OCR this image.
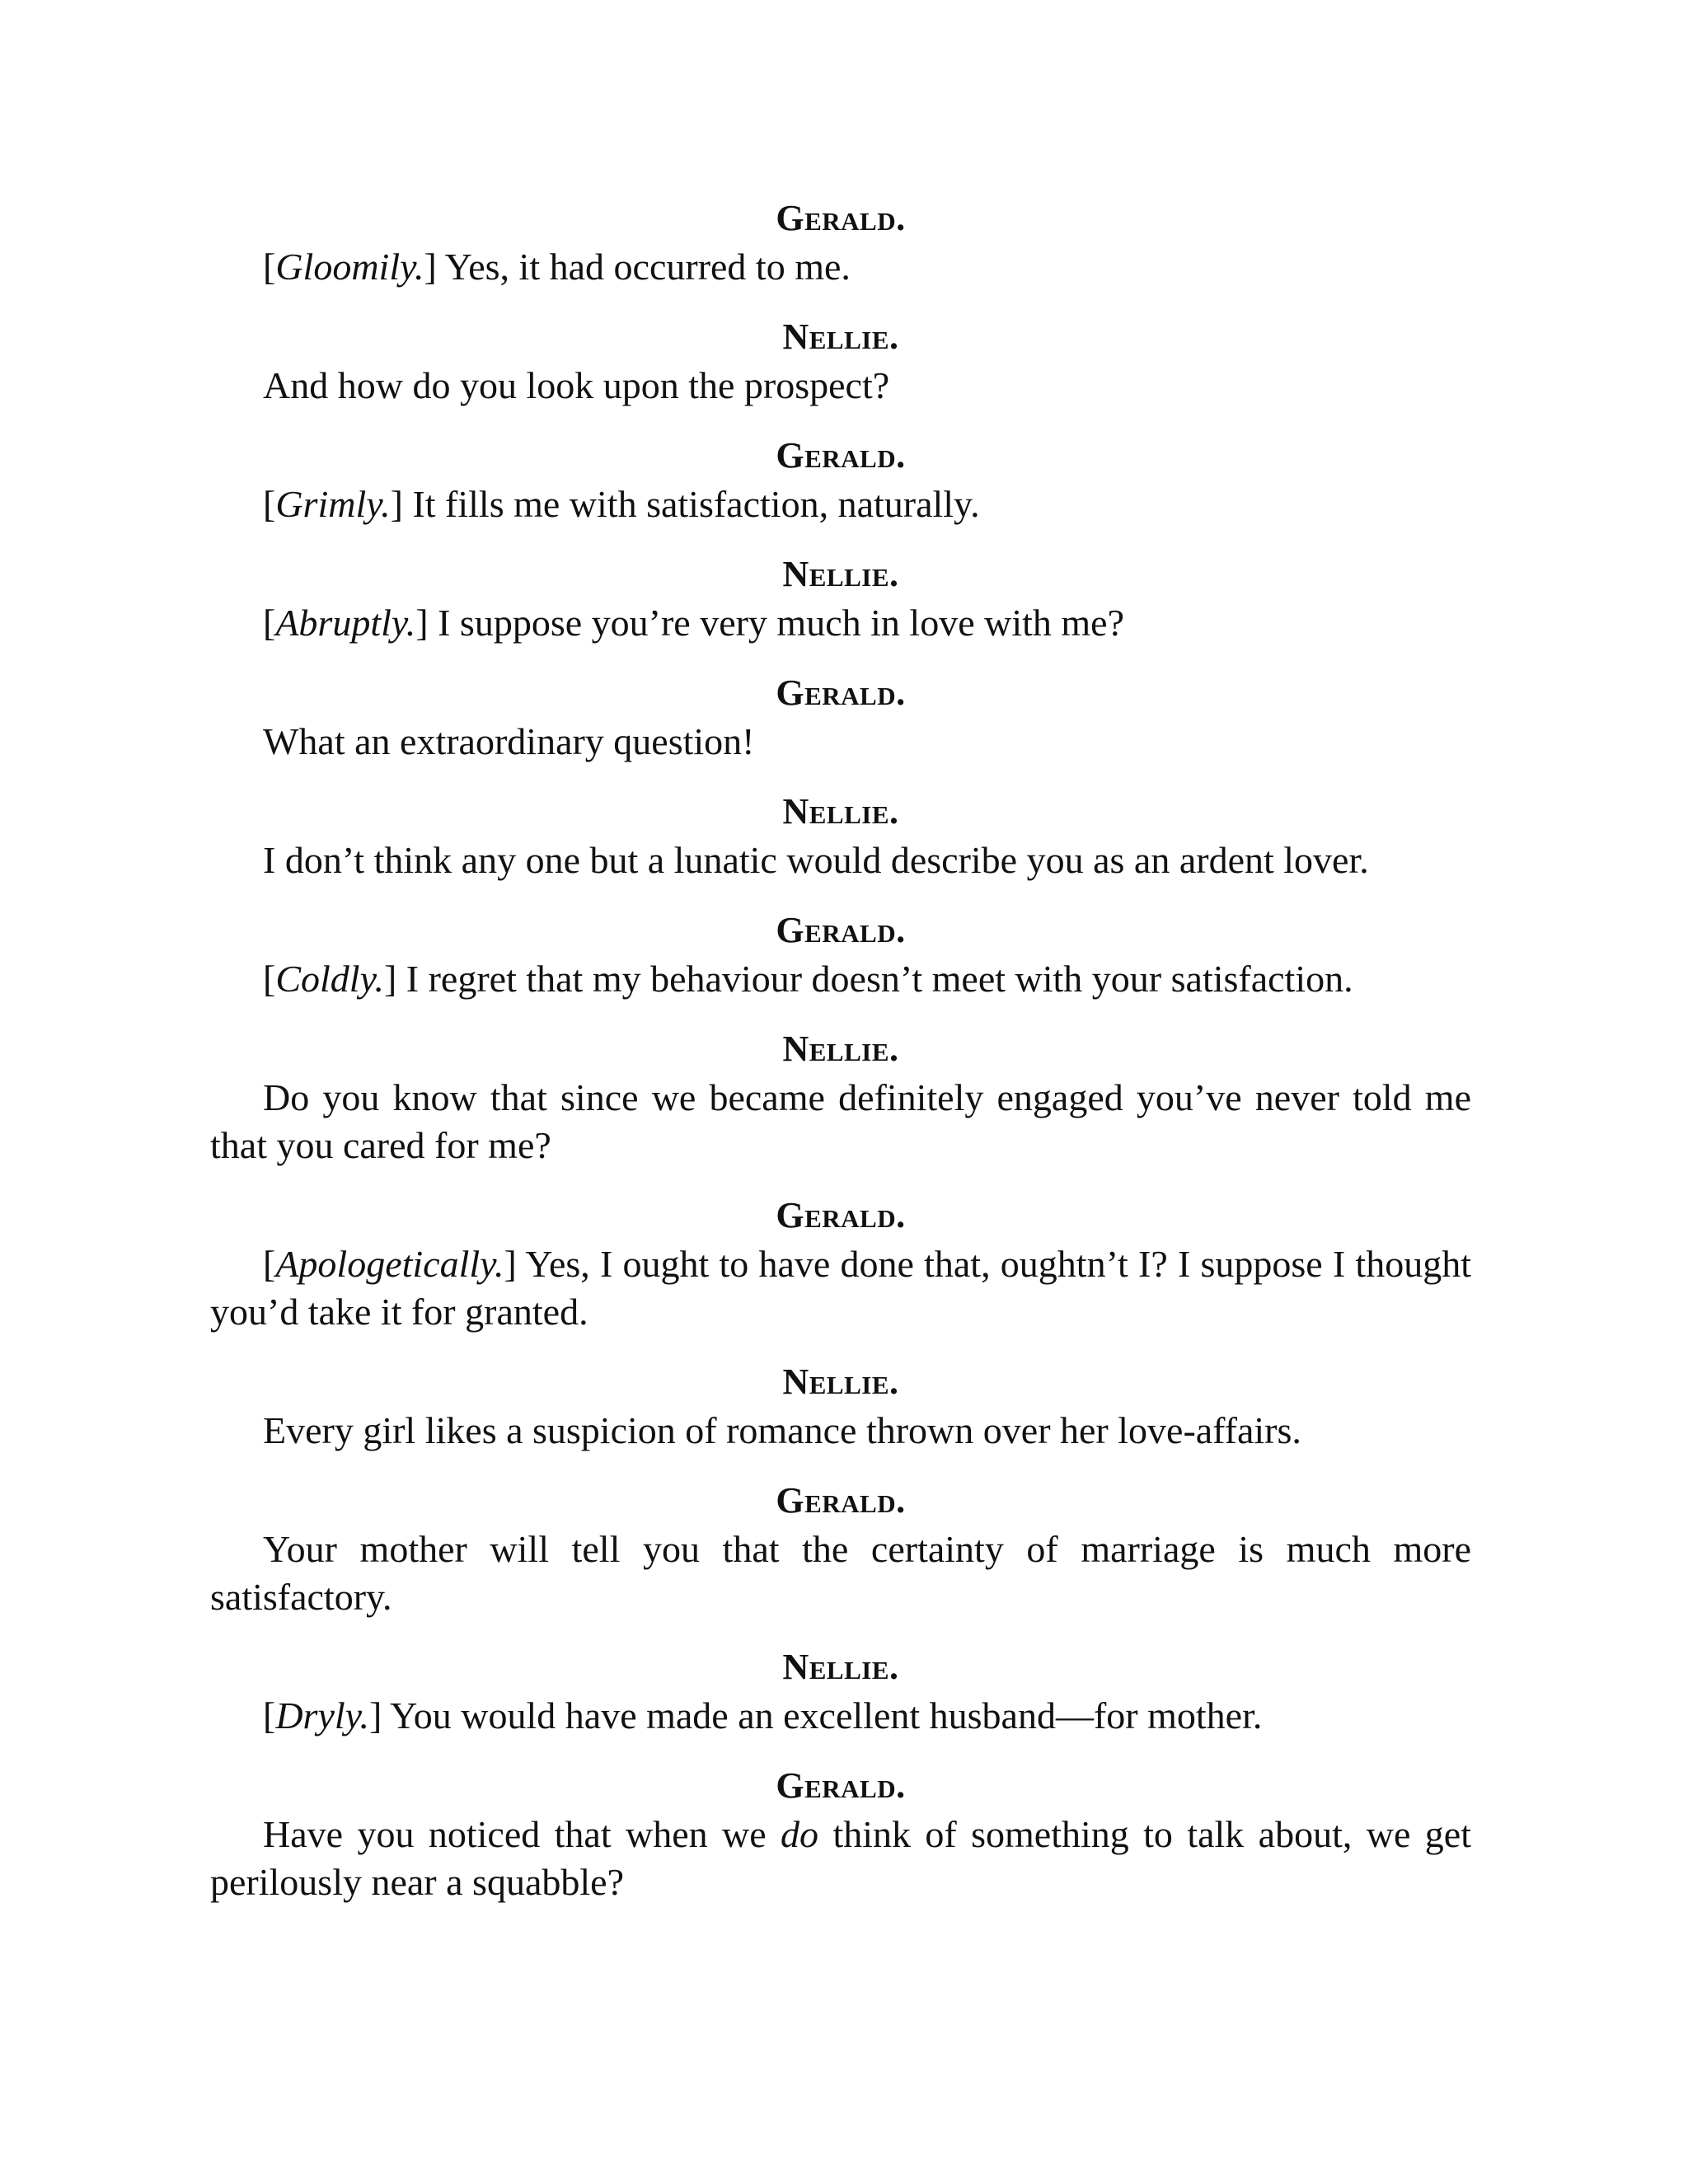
Gerald.

[Gloomily.] Yes, it had occurred to me.

Nellie.

And how do you look upon the prospect?

Gerald.

[Grimly.] It fills me with satisfaction, naturally.

Nellie.

[Abruptly.] I suppose you’re very much in love with me?

Gerald.

What an extraordinary question!

Nellie.

I don’t think any one but a lunatic would describe you as an ardent lover.

Gerald.

[Coldly.] I regret that my behaviour doesn’t meet with your satisfaction.

Nellie.

Do you know that since we became definitely engaged you’ve never told me that you cared for me?

Gerald.

[Apologetically.] Yes, I ought to have done that, oughtn’t I? I suppose I thought you’d take it for granted.

Nellie.

Every girl likes a suspicion of romance thrown over her love-affairs.

Gerald.

Your mother will tell you that the certainty of marriage is much more satisfactory.

Nellie.

[Dryly.] You would have made an excellent husband—for mother.

Gerald.

Have you noticed that when we do think of something to talk about, we get perilously near a squabble?
